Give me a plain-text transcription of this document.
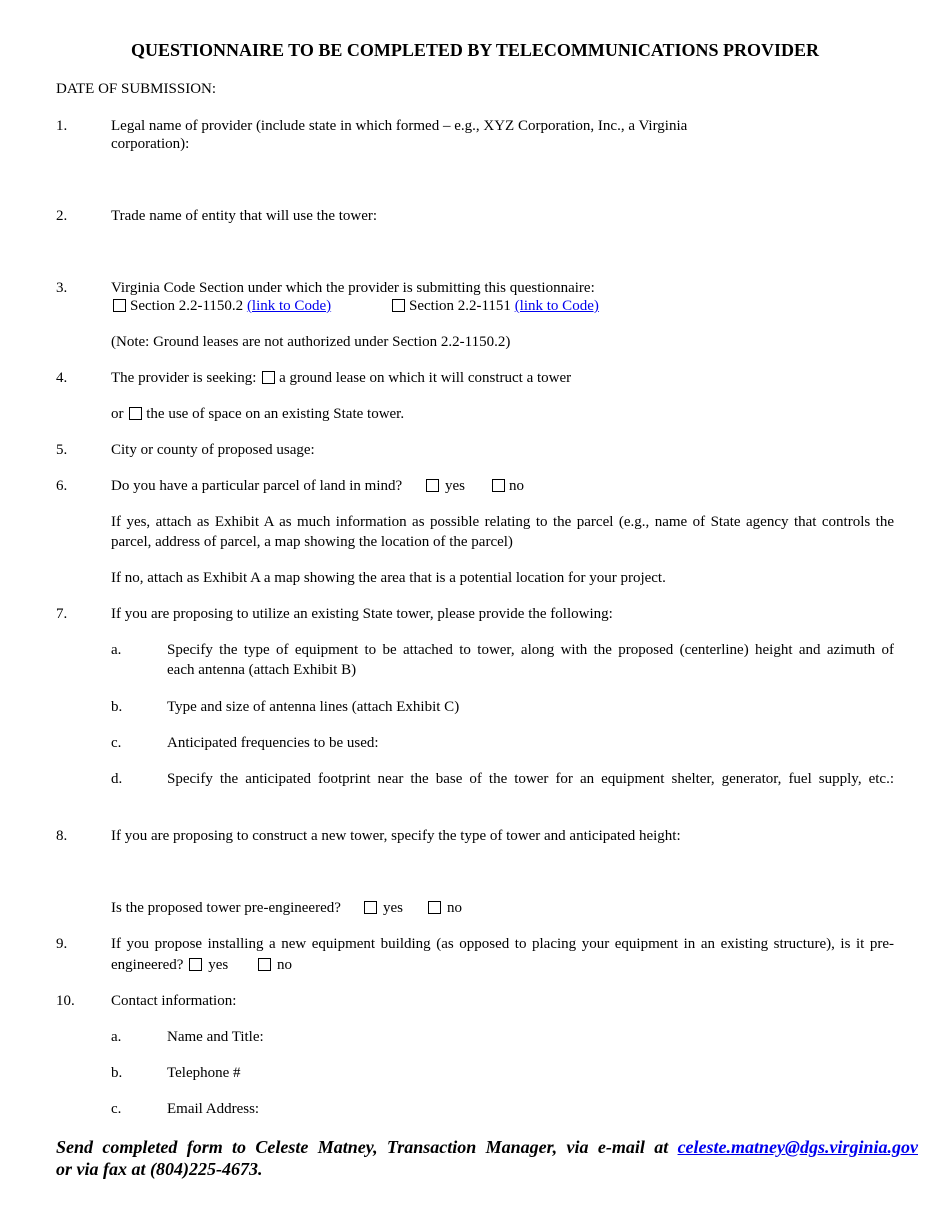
QUESTIONNAIRE TO BE COMPLETED BY TELECOMMUNICATIONS PROVIDER
DATE OF SUBMISSION:
1.	Legal name of provider (include state in which formed – e.g., XYZ Corporation, Inc., a Virginia
corporation):
2.	Trade name of entity that will use the tower:
3.	Virginia Code Section under which the provider is submitting this questionnaire:
Section 2.2-1150.2 (link to Code)	Section 2.2-1151 (link to Code)
(Note: Ground leases are not authorized under Section 2.2-1150.2)
4.	The provider is seeking: a ground lease on which it will construct a tower
or the use of space on an existing State tower.
5.	City or county of proposed usage:
6.	Do you have a particular parcel of land in mind?	yes	no
If yes, attach as Exhibit A as much information as possible relating to the parcel (e.g., name of State agency that controls the
parcel, address of parcel, a map showing the location of the parcel)
If no, attach as Exhibit A a map showing the area that is a potential location for your project.
7.	If you are proposing to utilize an existing State tower, please provide the following:
a.	Specify the type of equipment to be attached to tower, along with the proposed (centerline) height and azimuth of
each antenna (attach Exhibit B)
b.	Type and size of antenna lines (attach Exhibit C)
c.	Anticipated frequencies to be used:
d.	Specify the anticipated footprint near the base of the tower for an equipment shelter, generator, fuel supply, etc.:
8.	If you are proposing to construct a new tower, specify the type of tower and anticipated height:
Is the proposed tower pre-engineered?	yes	no
9.	If you propose installing a new equipment building (as opposed to placing your equipment in an existing structure), is it pre-
engineered? yes	no
10. Contact information:
a.	Name and Title:
b.	Telephone #
c.	Email Address:
Send completed form to Celeste Matney, Transaction Manager, via e-mail at celeste.matney@dgs.virginia.gov
or via fax at (804)225-4673.
